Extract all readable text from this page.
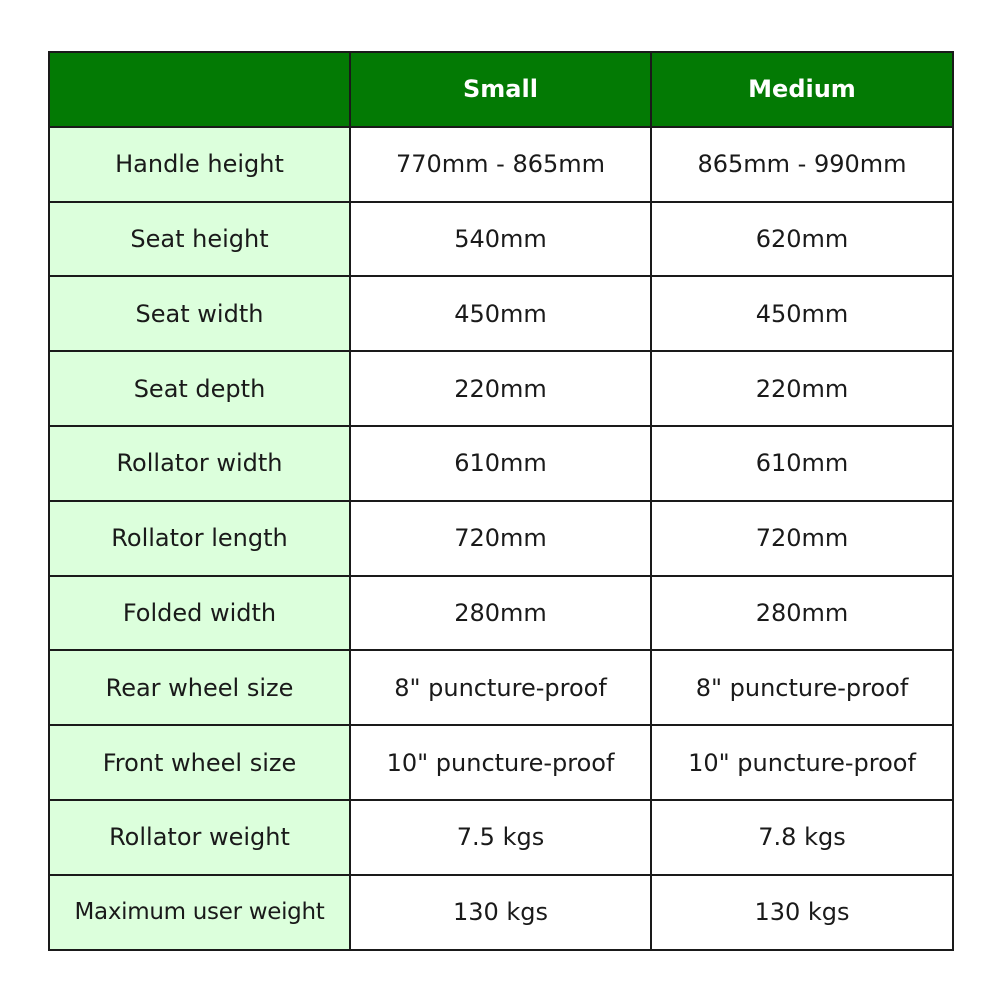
	Small	Medium
Handle height	770mm - 865mm	865mm - 990mm
Seat height	540mm	620mm
Seat width	450mm	450mm
Seat depth	220mm	220mm
Rollator width	610mm	610mm
Rollator length	720mm	720mm
Folded width	280mm	280mm
Rear wheel size	8" puncture-proof	8" puncture-proof
Front wheel size	10" puncture-proof	10" puncture-proof
Rollator weight	7.5 kgs	7.8 kgs
Maximum user weight	130 kgs	130 kgs
